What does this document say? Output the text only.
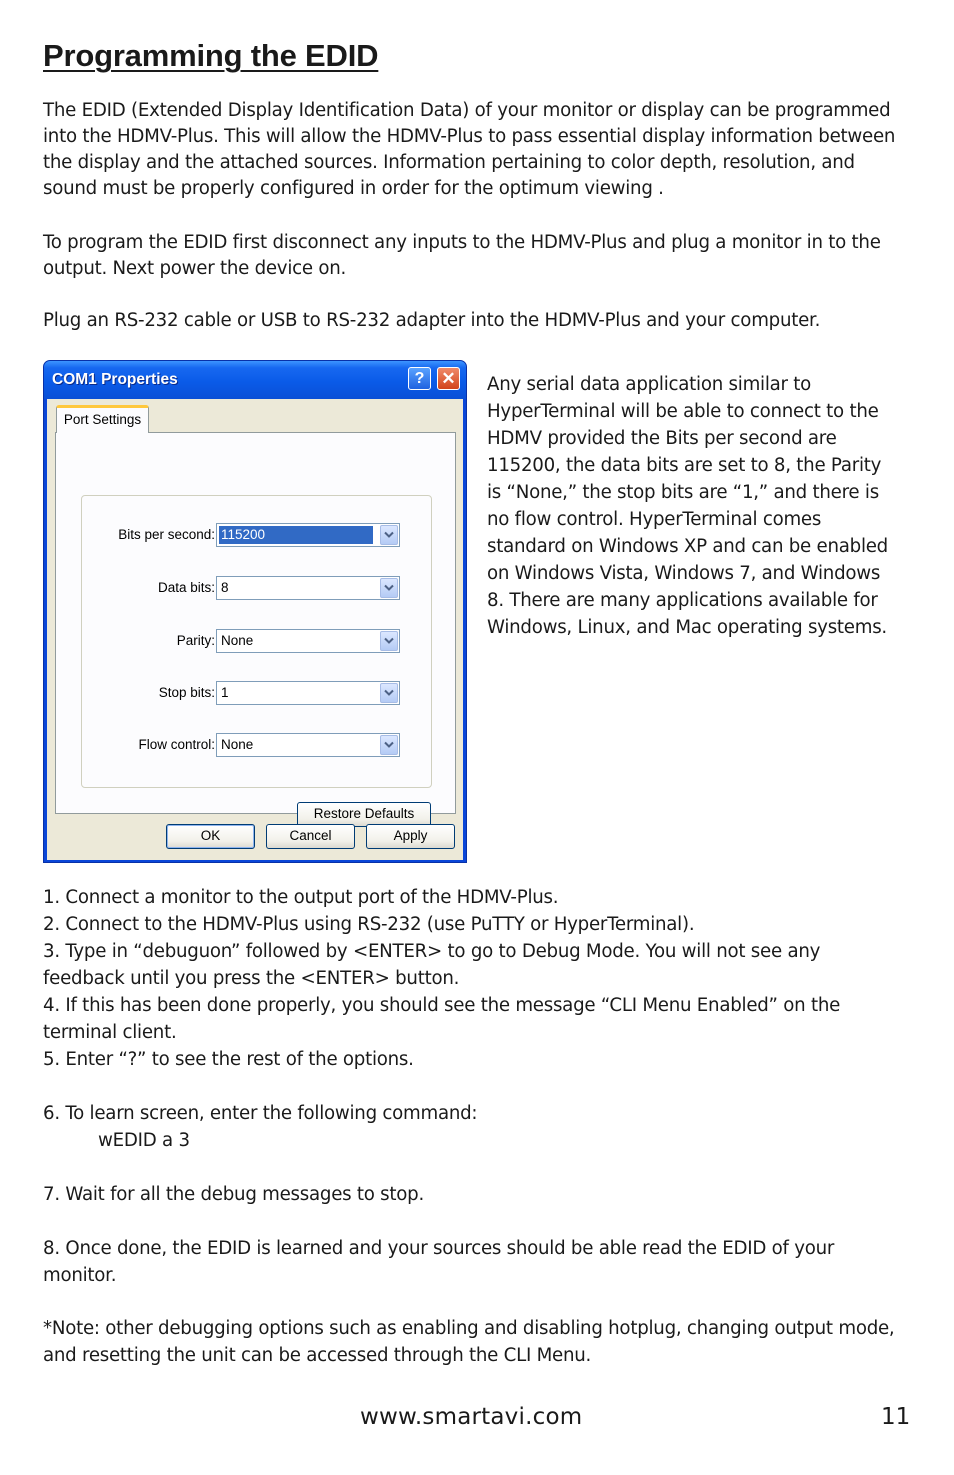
Programming the EDID

The EDID (Extended Display Identification Data) of your monitor or display can be programmed into the HDMV-Plus. This will allow the HDMV-Plus to pass essential display information between the display and the attached sources. Information pertaining to color depth, resolution, and sound must be properly configured in order for the optimum viewing .

To program the EDID first disconnect any inputs to the HDMV-Plus and plug a monitor in to the output. Next power the device on.

Plug an RS-232 cable or USB to RS-232 adapter into the HDMV-Plus and your computer.

COM1 Properties	? ✕
Port Settings
Bits per second: 115200
Data bits: 8
Parity: None
Stop bits: 1
Flow control: None
Restore Defaults
OK	Cancel	Apply

Any serial data application similar to HyperTerminal will be able to connect to the HDMV provided the Bits per second are 115200, the data bits are set to 8, the Parity is “None,” the stop bits are “1,” and there is no flow control. HyperTerminal comes standard on Windows XP and can be enabled on Windows Vista, Windows 7, and Windows 8. There are many applications available for Windows, Linux, and Mac operating systems.

1. Connect a monitor to the output port of the HDMV-Plus.
2. Connect to the HDMV-Plus using RS-232 (use PuTTY or HyperTerminal).
3. Type in “debuguon” followed by <ENTER> to go to Debug Mode. You will not see any feedback until you press the <ENTER> button.
4. If this has been done properly, you should see the message “CLI Menu Enabled” on the terminal client.
5. Enter “?” to see the rest of the options.
6. To learn screen, enter the following command:
wEDID a 3
7. Wait for all the debug messages to stop.
8. Once done, the EDID is learned and your sources should be able read the EDID of your monitor.

*Note: other debugging options such as enabling and disabling hotplug, changing output mode, and resetting the unit can be accessed through the CLI Menu.

www.smartavi.com	11
